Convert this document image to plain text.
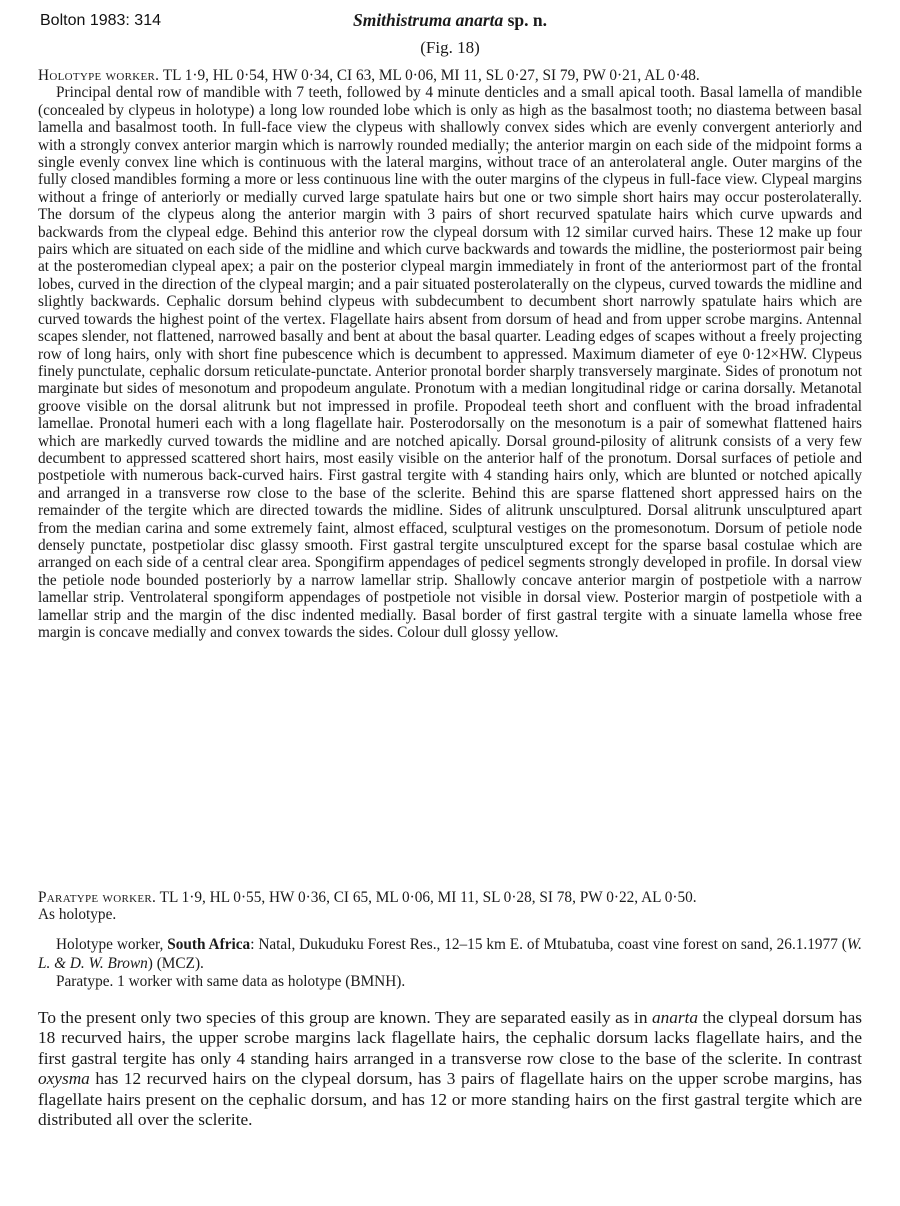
Bolton 1983: 314	Smithistruma anarta sp. n.
(Fig. 18)

Holotype worker. TL 1·9, HL 0·54, HW 0·34, CI 63, ML 0·06, MI 11, SL 0·27, SI 79, PW 0·21, AL 0·48.

Principal dental row of mandible with 7 teeth, followed by 4 minute denticles and a small apical tooth. Basal lamella of mandible (concealed by clypeus in holotype) a long low rounded lobe which is only as high as the basalmost tooth; no diastema between basal lamella and basalmost tooth. In full-face view the clypeus with shallowly convex sides which are evenly convergent anteriorly and with a strongly convex anterior margin which is narrowly rounded medially; the anterior margin on each side of the midpoint forms a single evenly convex line which is continuous with the lateral margins, without trace of an anterolateral angle. Outer margins of the fully closed mandibles forming a more or less continuous line with the outer margins of the clypeus in full-face view. Clypeal margins without a fringe of anteriorly or medially curved large spatulate hairs but one or two simple short hairs may occur posterolaterally. The dorsum of the clypeus along the anterior margin with 3 pairs of short recurved spatulate hairs which curve upwards and backwards from the clypeal edge. Behind this anterior row the clypeal dorsum with 12 similar curved hairs. These 12 make up four pairs which are situated on each side of the midline and which curve backwards and towards the midline, the posteriormost pair being at the posteromedian clypeal apex; a pair on the posterior clypeal margin immediately in front of the anteriormost part of the frontal lobes, curved in the direction of the clypeal margin; and a pair situated posterolaterally on the clypeus, curved towards the midline and slightly backwards. Cephalic dorsum behind clypeus with subdecumbent to decumbent short narrowly spatulate hairs which are curved towards the highest point of the vertex. Flagellate hairs absent from dorsum of head and from upper scrobe margins. Antennal scapes slender, not flattened, narrowed basally and bent at about the basal quarter. Leading edges of scapes without a freely projecting row of long hairs, only with short fine pubescence which is decumbent to appressed. Maximum diameter of eye 0·12×HW. Clypeus finely punctulate, cephalic dorsum reticulate-punctate. Anterior pronotal border sharply transversely marginate. Sides of pronotum not marginate but sides of mesonotum and propodeum angulate. Pronotum with a median longitudinal ridge or carina dorsally. Metanotal groove visible on the dorsal alitrunk but not impressed in profile. Propodeal teeth short and confluent with the broad infradental lamellae. Pronotal humeri each with a long flagellate hair. Posterodorsally on the mesonotum is a pair of somewhat flattened hairs which are markedly curved towards the midline and are notched apically. Dorsal ground-pilosity of alitrunk consists of a very few decumbent to appressed scattered short hairs, most easily visible on the anterior half of the pronotum. Dorsal surfaces of petiole and postpetiole with numerous back-curved hairs. First gastral tergite with 4 standing hairs only, which are blunted or notched apically and arranged in a transverse row close to the base of the sclerite. Behind this are sparse flattened short appressed hairs on the remainder of the tergite which are directed towards the midline. Sides of alitrunk unsculptured. Dorsal alitrunk unsculptured apart from the median carina and some extremely faint, almost effaced, sculptural vestiges on the promesonotum. Dorsum of petiole node densely punctate, postpetiolar disc glassy smooth. First gastral tergite unsculptured except for the sparse basal costulae which are arranged on each side of a central clear area. Spongifirm appendages of pedicel segments strongly developed in profile. In dorsal view the petiole node bounded posteriorly by a narrow lamellar strip. Shallowly concave anterior margin of postpetiole with a narrow lamellar strip. Ventrolateral spongiform appendages of postpetiole not visible in dorsal view. Posterior margin of postpetiole with a lamellar strip and the margin of the disc indented medially. Basal border of first gastral tergite with a sinuate lamella whose free margin is concave medially and convex towards the sides. Colour dull glossy yellow.

Paratype worker. TL 1·9, HL 0·55, HW 0·36, CI 65, ML 0·06, MI 11, SL 0·28, SI 78, PW 0·22, AL 0·50.

As holotype.

Holotype worker, South Africa: Natal, Dukuduku Forest Res., 12–15 km E. of Mtubatuba, coast vine forest on sand, 26.1.1977 (W. L. & D. W. Brown) (MCZ).

Paratype. 1 worker with same data as holotype (BMNH).

To the present only two species of this group are known. They are separated easily as in anarta the clypeal dorsum has 18 recurved hairs, the upper scrobe margins lack flagellate hairs, the cephalic dorsum lacks flagellate hairs, and the first gastral tergite has only 4 standing hairs arranged in a transverse row close to the base of the sclerite. In contrast oxysma has 12 recurved hairs on the clypeal dorsum, has 3 pairs of flagellate hairs on the upper scrobe margins, has flagellate hairs present on the cephalic dorsum, and has 12 or more standing hairs on the first gastral tergite which are distributed all over the sclerite.
